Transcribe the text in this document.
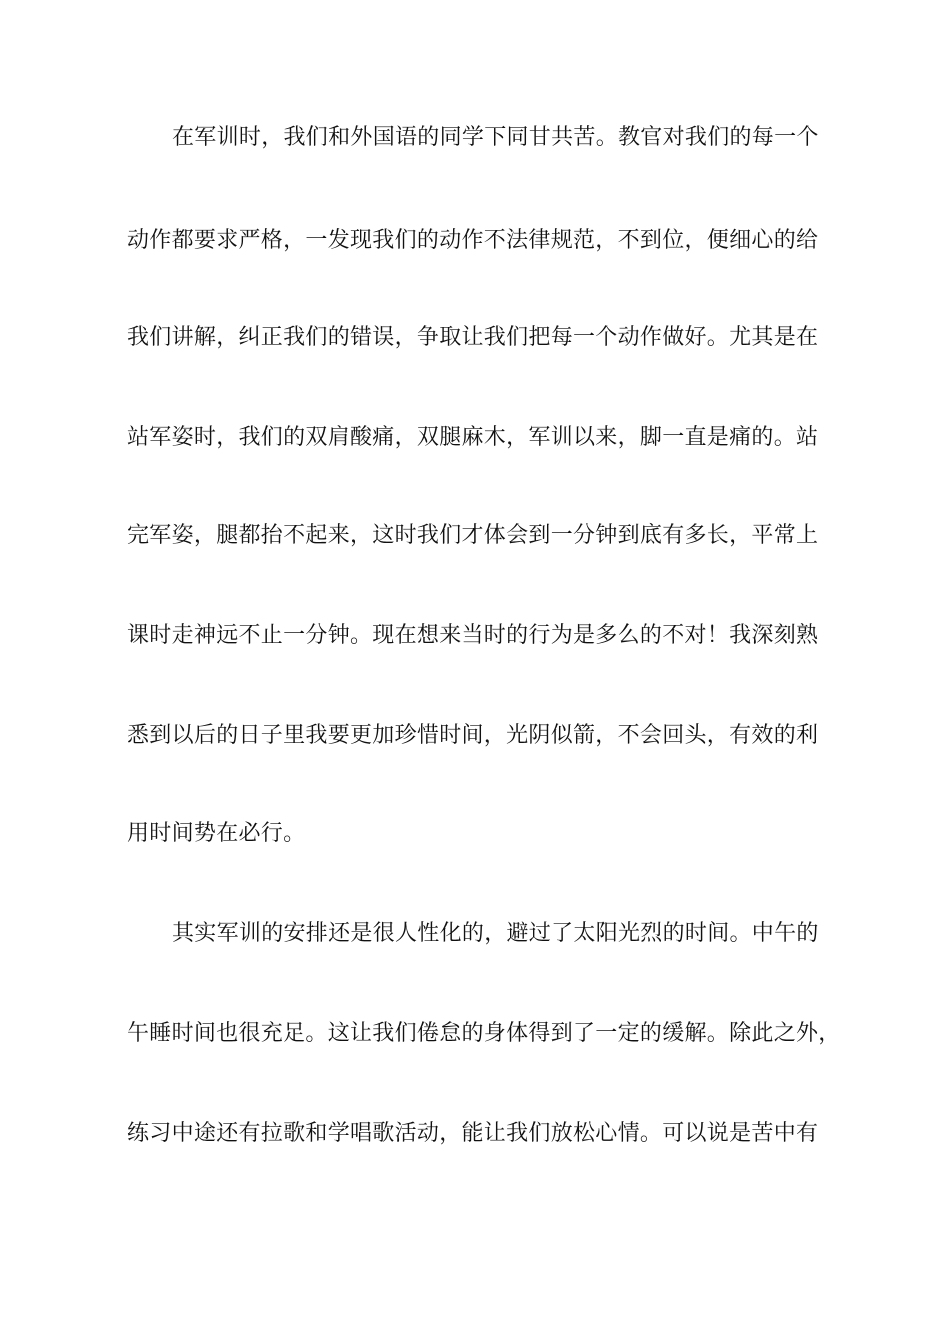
在军训时，我们和外国语的同学下同甘共苦。教官对我们的每一个
动作都要求严格，一发现我们的动作不法律规范，不到位，便细心的给
我们讲解，纠正我们的错误，争取让我们把每一个动作做好。尤其是在
站军姿时，我们的双肩酸痛，双腿麻木，军训以来，脚一直是痛的。站
完军姿，腿都抬不起来，这时我们才体会到一分钟到底有多长，平常上
课时走神远不止一分钟。现在想来当时的行为是多么的不对！我深刻熟
悉到以后的日子里我要更加珍惜时间，光阴似箭，不会回头，有效的利
用时间势在必行。
其实军训的安排还是很人性化的，避过了太阳光烈的时间。中午的
午睡时间也很充足。这让我们倦怠的身体得到了一定的缓解。除此之外，
练习中途还有拉歌和学唱歌活动，能让我们放松心情。可以说是苦中有
